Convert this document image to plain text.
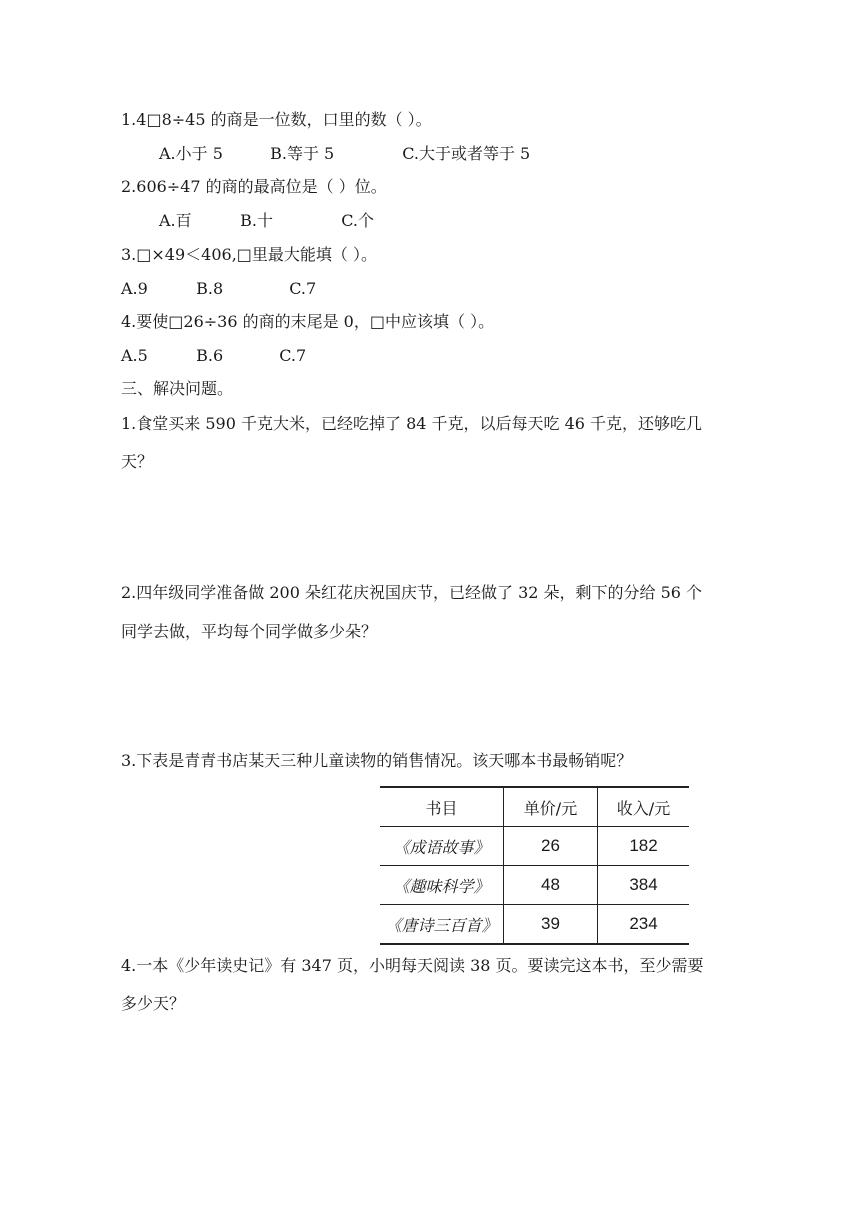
1.4□8÷45 的商是一位数，口里的数（ ）。
A.小于 5	B.等于 5	C.大于或者等于 5
2.606÷47 的商的最高位是（ ）位。
A.百	B.十	C.个
3.□×49＜406,□里最大能填（ ）。
A.9	B.8	C.7
4.要使□26÷36 的商的末尾是 0，□中应该填（ ）。
A.5	B.6	C.7
三、解决问题。
1.食堂买来 590 千克大米，已经吃掉了 84 千克，以后每天吃 46 千克，还够吃几
天？
2.四年级同学准备做 200 朵红花庆祝国庆节，已经做了 32 朵，剩下的分给 56 个
同学去做，平均每个同学做多少朵？
3.下表是青青书店某天三种儿童读物的销售情况。该天哪本书最畅销呢？
书目	单价/元	收入/元
《成语故事》	26	182
《趣味科学》	48	384
《唐诗三百首》	39	234
4.一本《少年读史记》有 347 页，小明每天阅读 38 页。要读完这本书，至少需要
多少天？
